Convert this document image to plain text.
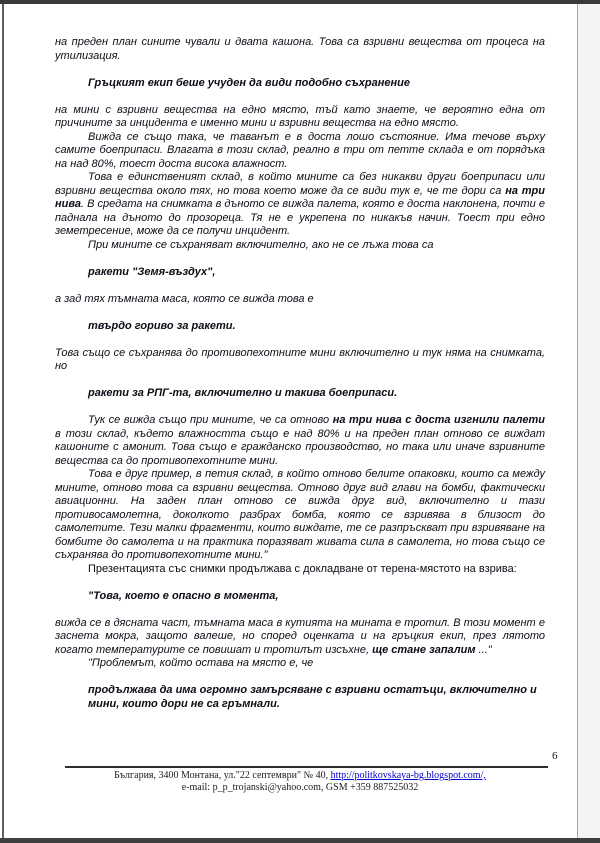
на преден план сините чували и двата кашона. Това са взривни вещества от процеса на утилизация.

Гръцкият екип беше учуден да види подобно съхранение

на мини с взривни вещества на едно място, тъй като знаете, че вероятно една от причините за инцидента е именно мини и взривни вещества на едно място.

Вижда се също така, че таванът е в доста лошо състояние. Има течове върху самите боеприпаси. Влагата в този склад, реално в три от петте склада е от порядъка на над 80%, тоест доста висока влажност.

Това е единственият склад, в който мините са без никакви други боеприпаси или взривни вещества около тях, но това което може да се види тук е, че те дори са на три нива. В средата на снимката в дъното се вижда палета, която е доста наклонена, почти е паднала на дъното до прозореца. Тя не е укрепена по никакъв начин. Тоест при едно земетресение, може да се получи инцидент.

При мините се съхраняват включително, ако не се лъжа това са

ракети "Земя-въздух",

а зад тях тъмната маса, която се вижда това е

твърдо гориво за ракети.

Това също се съхранява до противопехотните мини включително и тук няма на снимката, но

ракети за РПГ-та, включително и такива боеприпаси.

Тук се вижда също при мините, че са отново на три нива с доста изгнили палети в този склад, където влажността също е над 80% и на преден план отново се виждат кашоните с амонит. Това също е гражданско производство, но така или иначе взривните вещества са до противопехотните мини.

Това е друг пример, в петия склад, в който отново белите опаковки, които са между мините, отново това са взривни вещества. Отново друг вид глави на бомби, фактически авиационни. На заден план отново се вижда друг вид, включително и тази противосамолетна, доколкото разбрах бомба, която се взривява в близост до самолетите. Тези малки фрагменти, които виждате, те се разпръскват при взривяване на бомбите до самолета и на практика поразяват живата сила в самолета, но това също се съхранява до противопехотните мини."

Презентацията със снимки продължава с докладване от терена-мястото на взрива:

"Това, което е опасно в момента,

вижда се в дясната част, тъмната маса в кутията на мината е тротил. В този момент е заснета мокра, защото валеше, но според оценката и на гръцкия екип, през лятото когато температурите се повишат и тротилът изсъхне, ще стане запалим ..."

"Проблемът, който остава на място е, че

продължава да има огромно замърсяване с взривни остатъци, включително и мини, които дори не са гръмнали.

6
България, 3400 Монтана, ул."22 септември" № 40, http://politkovskaya-bg.blogspot.com/,
e-mail: p_p_trojanski@yahoo.com, GSM +359 887525032
